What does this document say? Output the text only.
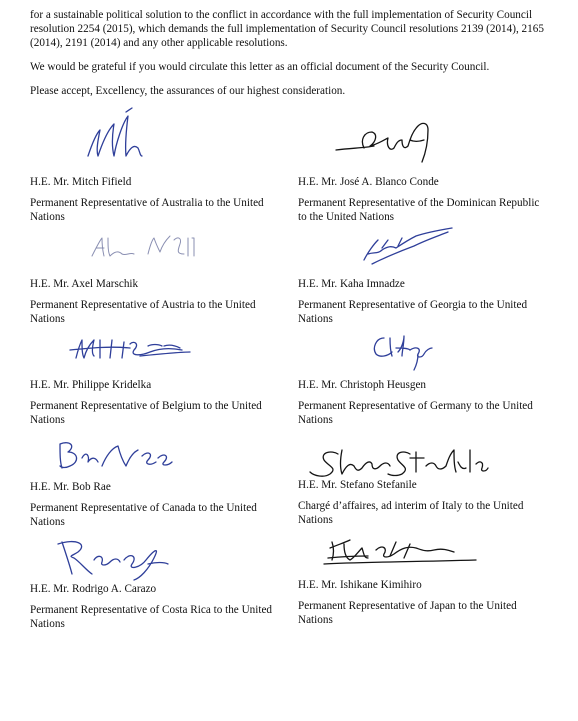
for a sustainable political solution to the conflict in accordance with the full implementation of Security Council resolution 2254 (2015), which demands the full implementation of Security Council resolutions 2139 (2014), 2165 (2014), 2191 (2014) and any other applicable resolutions.

We would be grateful if you would circulate this letter as an official document of the Security Council.

Please accept, Excellency, the assurances of our highest consideration.

H.E. Mr. Mitch Fifield
Permanent Representative of Australia to the United Nations
H.E. Mr. Axel Marschik
Permanent Representative of Austria to the United Nations
H.E. Mr. Philippe Kridelka
Permanent Representative of Belgium to the United Nations
H.E. Mr. Bob Rae
Permanent Representative of Canada to the United Nations
H.E. Mr. Rodrigo A. Carazo
Permanent Representative of Costa Rica to the United Nations
H.E. Mr. José A. Blanco Conde
Permanent Representative of the Dominican Republic to the United Nations
H.E. Mr. Kaha Imnadze
Permanent Representative of Georgia to the United Nations
H.E. Mr. Christoph Heusgen
Permanent Representative of Germany to the United Nations
H.E. Mr. Stefano Stefanile
Chargé d’affaires, ad interim of Italy to the United Nations
H.E. Mr. Ishikane Kimihiro
Permanent Representative of Japan to the United Nations
